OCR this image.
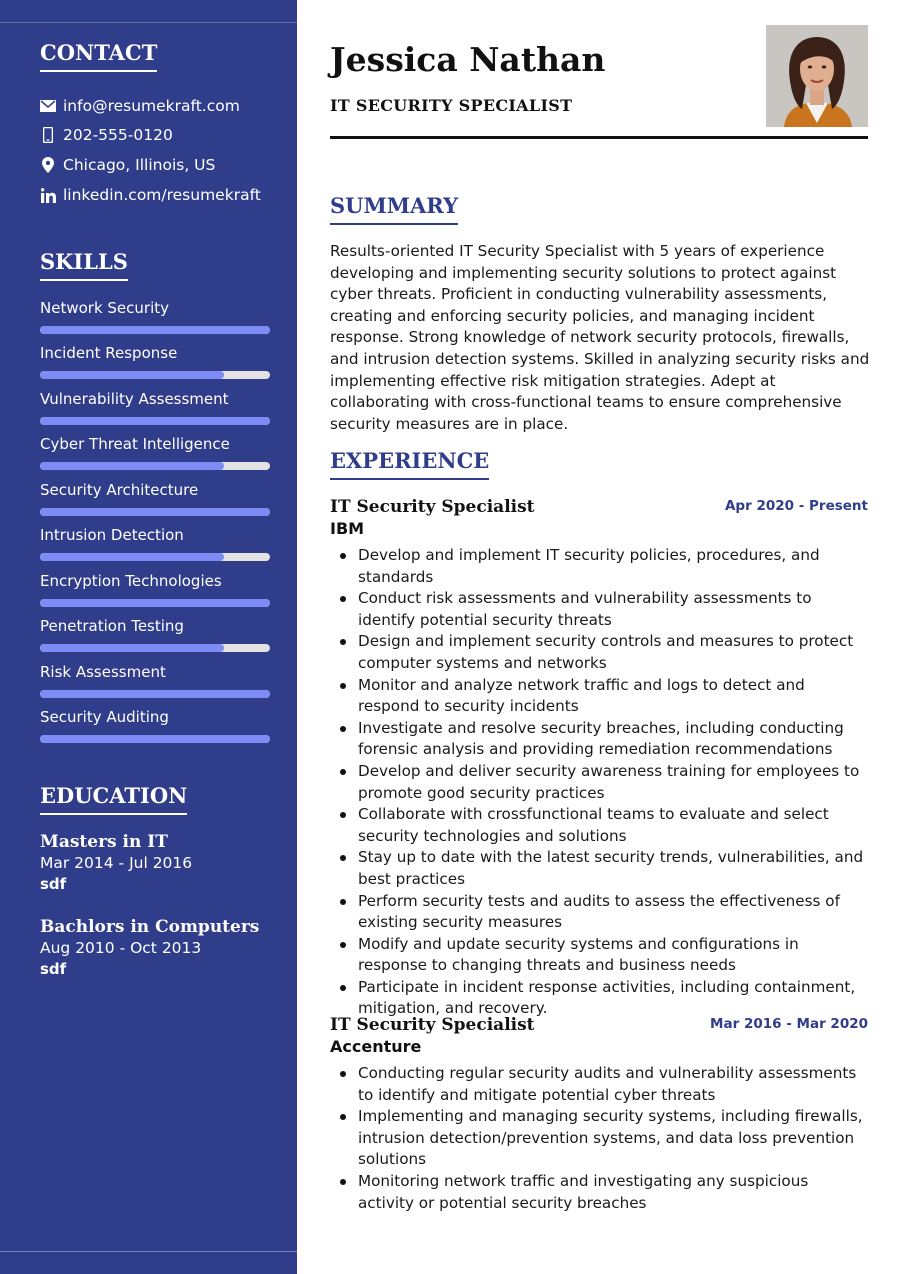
CONTACT
info@resumekraft.com
202-555-0120
Chicago, Illinois, US
linkedin.com/resumekraft
SKILLS
Network Security
Incident Response
Vulnerability Assessment
Cyber Threat Intelligence
Security Architecture
Intrusion Detection
Encryption Technologies
Penetration Testing
Risk Assessment
Security Auditing
EDUCATION
Masters in IT
Mar 2014 - Jul 2016
sdf
Bachlors in Computers
Aug 2010 - Oct 2013
sdf
Jessica Nathan
IT SECURITY SPECIALIST
SUMMARY
Results-oriented IT Security Specialist with 5 years of experience developing and implementing security solutions to protect against cyber threats. Proficient in conducting vulnerability assessments, creating and enforcing security policies, and managing incident response. Strong knowledge of network security protocols, firewalls, and intrusion detection systems. Skilled in analyzing security risks and implementing effective risk mitigation strategies. Adept at collaborating with cross-functional teams to ensure comprehensive security measures are in place.
EXPERIENCE
IT Security Specialist	Apr 2020 - Present
IBM
Develop and implement IT security policies, procedures, and standards
Conduct risk assessments and vulnerability assessments to identify potential security threats
Design and implement security controls and measures to protect computer systems and networks
Monitor and analyze network traffic and logs to detect and respond to security incidents
Investigate and resolve security breaches, including conducting forensic analysis and providing remediation recommendations
Develop and deliver security awareness training for employees to promote good security practices
Collaborate with crossfunctional teams to evaluate and select security technologies and solutions
Stay up to date with the latest security trends, vulnerabilities, and best practices
Perform security tests and audits to assess the effectiveness of existing security measures
Modify and update security systems and configurations in response to changing threats and business needs
Participate in incident response activities, including containment, mitigation, and recovery.
IT Security Specialist	Mar 2016 - Mar 2020
Accenture
Conducting regular security audits and vulnerability assessments to identify and mitigate potential cyber threats
Implementing and managing security systems, including firewalls, intrusion detection/prevention systems, and data loss prevention solutions
Monitoring network traffic and investigating any suspicious activity or potential security breaches
